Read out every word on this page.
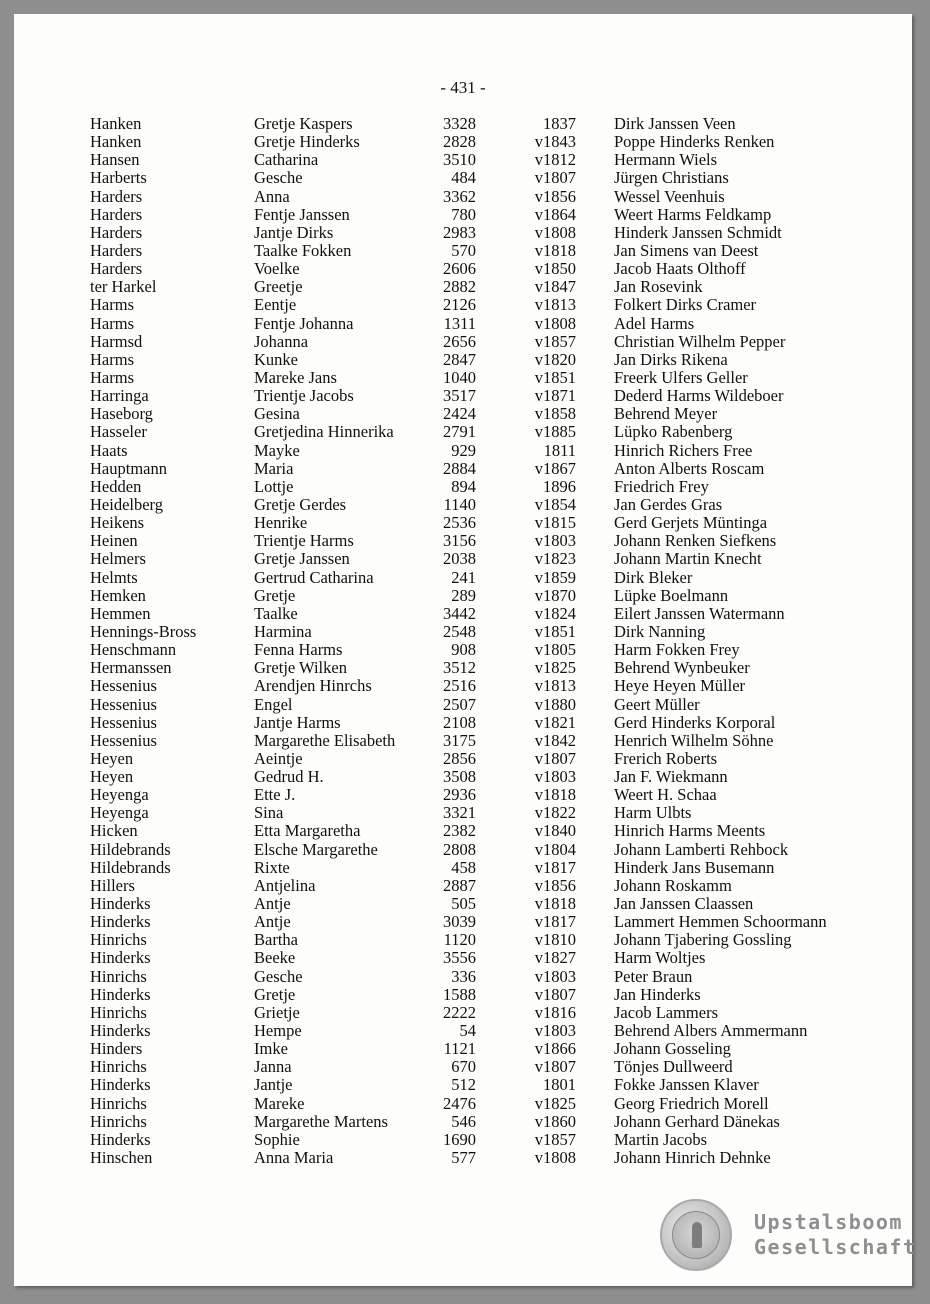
- 431 -
Hanken	Gretje Kaspers	3328	1837 Dirk Janssen Veen
Hanken	Gretje Hinderks	2828	v1843 Poppe Hinderks Renken
Hansen	Catharina	3510	v1812 Hermann Wiels
Harberts	Gesche	484	v1807 Jürgen Christians
Harders	Anna	3362	v1856 Wessel Veenhuis
Harders	Fentje Janssen	780	v1864 Weert Harms Feldkamp
Harders	Jantje Dirks	2983	v1808 Hinderk Janssen Schmidt
Harders	Taalke Fokken	570	v1818 Jan Simens van Deest
Harders	Voelke	2606	v1850 Jacob Haats Olthoff
ter Harkel	Greetje	2882	v1847 Jan Rosevink
Harms	Eentje	2126	v1813 Folkert Dirks Cramer
Harms	Fentje Johanna	1311	v1808 Adel Harms
Harmsd	Johanna	2656	v1857 Christian Wilhelm Pepper
Harms	Kunke	2847	v1820 Jan Dirks Rikena
Harms	Mareke Jans	1040	v1851 Freerk Ulfers Geller
Harringa	Trientje Jacobs	3517	v1871 Dederd Harms Wildeboer
Haseborg	Gesina	2424	v1858 Behrend Meyer
Hasseler	Gretjedina Hinnerika	2791	v1885 Lüpko Rabenberg
Haats	Mayke	929	1811 Hinrich Richers Free
Hauptmann	Maria	2884	v1867 Anton Alberts Roscam
Hedden	Lottje	894	1896 Friedrich Frey
Heidelberg	Gretje Gerdes	1140	v1854 Jan Gerdes Gras
Heikens	Henrike	2536	v1815 Gerd Gerjets Müntinga
Heinen	Trientje Harms	3156	v1803 Johann Renken Siefkens
Helmers	Gretje Janssen	2038	v1823 Johann Martin Knecht
Helmts	Gertrud Catharina	241	v1859 Dirk Bleker
Hemken	Gretje	289	v1870 Lüpke Boelmann
Hemmen	Taalke	3442	v1824 Eilert Janssen Watermann
Hennings-Bross	Harmina	2548	v1851 Dirk Nanning
Henschmann	Fenna Harms	908	v1805 Harm Fokken Frey
Hermanssen	Gretje Wilken	3512	v1825 Behrend Wynbeuker
Hessenius	Arendjen Hinrchs	2516	v1813 Heye Heyen Müller
Hessenius	Engel	2507	v1880 Geert Müller
Hessenius	Jantje Harms	2108	v1821 Gerd Hinderks Korporal
Hessenius	Margarethe Elisabeth	3175	v1842 Henrich Wilhelm Söhne
Heyen	Aeintje	2856	v1807 Frerich Roberts
Heyen	Gedrud H.	3508	v1803 Jan F. Wiekmann
Heyenga	Ette J.	2936	v1818 Weert H. Schaa
Heyenga	Sina	3321	v1822 Harm Ulbts
Hicken	Etta Margaretha	2382	v1840 Hinrich Harms Meents
Hildebrands	Elsche Margarethe	2808	v1804 Johann Lamberti Rehbock
Hildebrands	Rixte	458	v1817 Hinderk Jans Busemann
Hillers	Antjelina	2887	v1856 Johann Roskamm
Hinderks	Antje	505	v1818 Jan Janssen Claassen
Hinderks	Antje	3039	v1817 Lammert Hemmen Schoormann
Hinrichs	Bartha	1120	v1810 Johann Tjabering Gossling
Hinderks	Beeke	3556	v1827 Harm Woltjes
Hinrichs	Gesche	336	v1803 Peter Braun
Hinderks	Gretje	1588	v1807 Jan Hinderks
Hinrichs	Grietje	2222	v1816 Jacob Lammers
Hinderks	Hempe	54	v1803 Behrend Albers Ammermann
Hinders	Imke	1121	v1866 Johann Gosseling
Hinrichs	Janna	670	v1807 Tönjes Dullweerd
Hinderks	Jantje	512	1801 Fokke Janssen Klaver
Hinrichs	Mareke	2476	v1825 Georg Friedrich Morell
Hinrichs	Margarethe Martens	546	v1860 Johann Gerhard Dänekas
Hinderks	Sophie	1690	v1857 Martin Jacobs
Hinschen	Anna Maria	577	v1808 Johann Hinrich Dehnke
Upstalsboom
Gesellschaft
